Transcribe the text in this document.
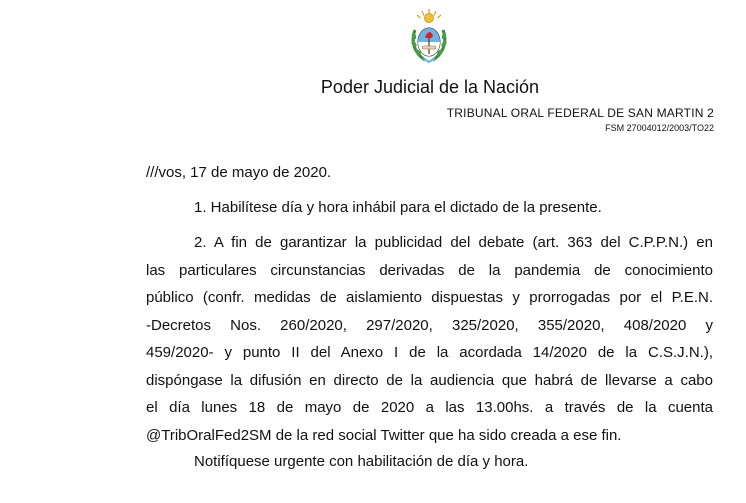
Poder Judicial de la Nación
TRIBUNAL ORAL FEDERAL DE SAN MARTIN 2
FSM 27004012/2003/TO22
///vos, 17 de mayo de 2020.
1. Habilítese día y hora inhábil para el dictado de la presente.
2. A fin de garantizar la publicidad del debate (art. 363 del C.P.P.N.) en
las particulares circunstancias derivadas de la pandemia de conocimiento
público (confr. medidas de aislamiento dispuestas y prorrogadas por el P.E.N.
-Decretos Nos. 260/2020, 297/2020, 325/2020, 355/2020, 408/2020 y
459/2020- y punto II del Anexo I de la acordada 14/2020 de la C.S.J.N.),
dispóngase la difusión en directo de la audiencia que habrá de llevarse a cabo
el día lunes 18 de mayo de 2020 a las 13.00hs. a través de la cuenta
@TribOralFed2SM de la red social Twitter que ha sido creada a ese fin.
Notifíquese urgente con habilitación de día y hora.
